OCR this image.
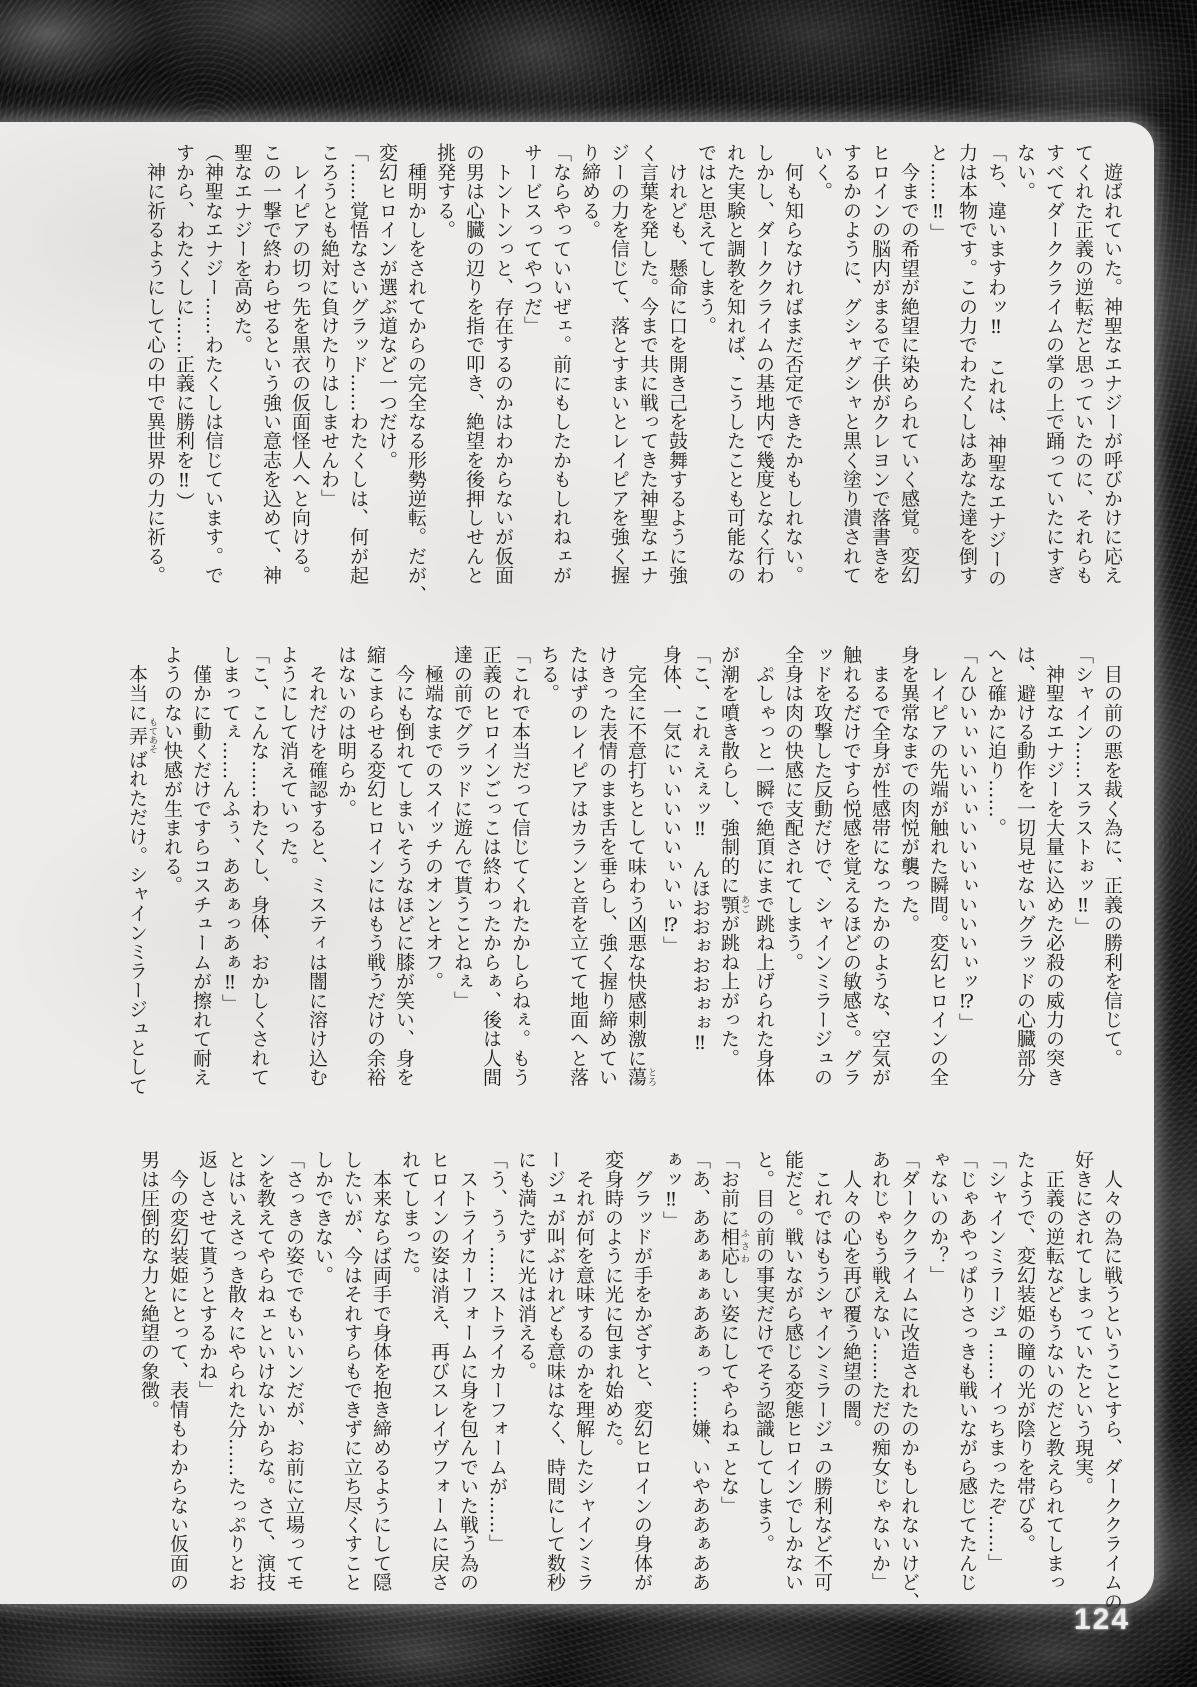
　遊ばれていた。神聖なエナジーが呼びかけに応え
てくれた正義の逆転だと思っていたのに、それらも
すべてダーククライムの掌の上で踊っていたにすぎ
ない。
「ち、違いますわッ‼　これは、神聖なエナジーの
力は本物です。この力でわたくしはあなた達を倒す
と……‼」
　今までの希望が絶望に染められていく感覚。変幻
ヒロインの脳内がまるで子供がクレヨンで落書きを
するかのように、グシャグシャと黒く塗り潰されて
いく。
　何も知らなければまだ否定できたかもしれない。
しかし、ダーククライムの基地内で幾度となく行わ
れた実験と調教を知れば、こうしたことも可能なの
ではと思えてしまう。
　けれども、懸命に口を開き己を鼓舞するように強
く言葉を発した。今まで共に戦ってきた神聖なエナ
ジーの力を信じて、落とすまいとレイピアを強く握
り締める。
「ならやっていいぜェ。前にもしたかもしれねェが
サービスってやつだ」
　トントンっと、存在するのかはわからないが仮面
の男は心臓の辺りを指で叩き、絶望を後押しせんと
挑発する。
　種明かしをされてからの完全なる形勢逆転。だが、
変幻ヒロインが選ぶ道など一つだけ。
「……覚悟なさいグラッド……わたくしは、何が起
ころうとも絶対に負けたりはしませんわ」
　レイピアの切っ先を黒衣の仮面怪人へと向ける。
この一撃で終わらせるという強い意志を込めて、神
聖なエナジーを高めた。
（神聖なエナジー……わたくしは信じています。で
すから、わたくしに……正義に勝利を‼）
　神に祈るようにして心の中で異世界の力に祈る。
　目の前の悪を裁く為に、正義の勝利を信じて。
「シャイン……スラストぉッ‼」
　神聖なエナジーを大量に込めた必殺の威力の突き
は、避ける動作を一切見せないグラッドの心臓部分
へと確かに迫り……。
「んひいぃいいいぃいいいぃいいいぃッ⁉」
　レイピアの先端が触れた瞬間。変幻ヒロインの全
身を異常なまでの肉悦が襲った。
　まるで全身が性感帯になったかのような、空気が
触れるだけですら悦感を覚えるほどの敏感さ。グラ
ッドを攻撃した反動だけで、シャインミラージュの
全身は肉の快感に支配されてしまう。
　ぷしゃっと一瞬で絶頂にまで跳ね上げられた身体
が潮を噴き散らし、強制的に顎 あごが跳ね上がった。
「こ、これぇえぇッ‼　んほおおぉおおぉぉ‼
身体、一気にぃいいいいぃいぃ⁉」
　完全に不意打ちとして味わう凶悪な快感刺激に蕩 とろ
けきった表情のまま舌を垂らし、強く握り締めてい
たはずのレイピアはカランと音を立てて地面へと落
ちる。
「これで本当だって信じてくれたかしらねぇ。もう
正義のヒロインごっこは終わったからぁ、後は人間
達の前でグラッドに遊んで貰うことねぇ」
　極端なまでのスイッチのオンとオフ。
　今にも倒れてしまいそうなほどに膝が笑い、身を
縮こまらせる変幻ヒロインにはもう戦うだけの余裕
はないのは明らか。
　それだけを確認すると、ミスティは闇に溶け込む
ようにして消えていった。
「こ、こんな……わたくし、身体、おかしくされて
しまってぇ……んふぅ、ああぁっあぁ‼」
　僅かに動くだけですらコスチュームが擦れて耐え
ようのない快感が生まれる。
　本当に弄 もてあそばれただけ。シャインミラージュとして
　人々の為に戦うということすら、ダーククライムの
好きにされてしまっていたという現実。
　正義の逆転などもうないのだと教えられてしまっ
たようで、変幻装姫の瞳の光が陰りを帯びる。
「シャインミラージュ……イっちまったぞ……」
「じゃあやっぱりさっきも戦いながら感じてたんじ
ゃないのか？」
「ダーククライムに改造されたのかもしれないけど、
あれじゃもう戦えない……ただの痴女じゃないか」
　人々の心を再び覆う絶望の闇。
　これではもうシャインミラージュの勝利など不可
能だと。戦いながら感じる変態ヒロインでしかない
と。目の前の事実だけでそう認識してしまう。
「お前に相応 ふさわしい姿にしてやらねェとな」
「あ、ああぁぁぁああぁっ……嫌、いやああぁああ
ぁッ‼」
　グラッドが手をかざすと、変幻ヒロインの身体が
変身時のように光に包まれ始めた。
　それが何を意味するのかを理解したシャインミラ
ージュが叫ぶけれども意味はなく、時間にして数秒
にも満たずに光は消える。
「う、うぅ……ストライカーフォームが……」
　ストライカーフォームに身を包んでいた戦う為の
ヒロインの姿は消え、再びスレイヴフォームに戻さ
れてしまった。
　本来ならば両手で身体を抱き締めるようにして隠
したいが、今はそれすらもできずに立ち尽くすこと
しかできない。
「さっきの姿ででもいいンだが、お前に立場ってモ
ンを教えてやらねェといけないからな。さて、演技
とはいえさっき散々にやられた分……たっぷりとお
返しさせて貰うとするかね」
　今の変幻装姫にとって、表情もわからない仮面の
男は圧倒的な力と絶望の象徴。
124
